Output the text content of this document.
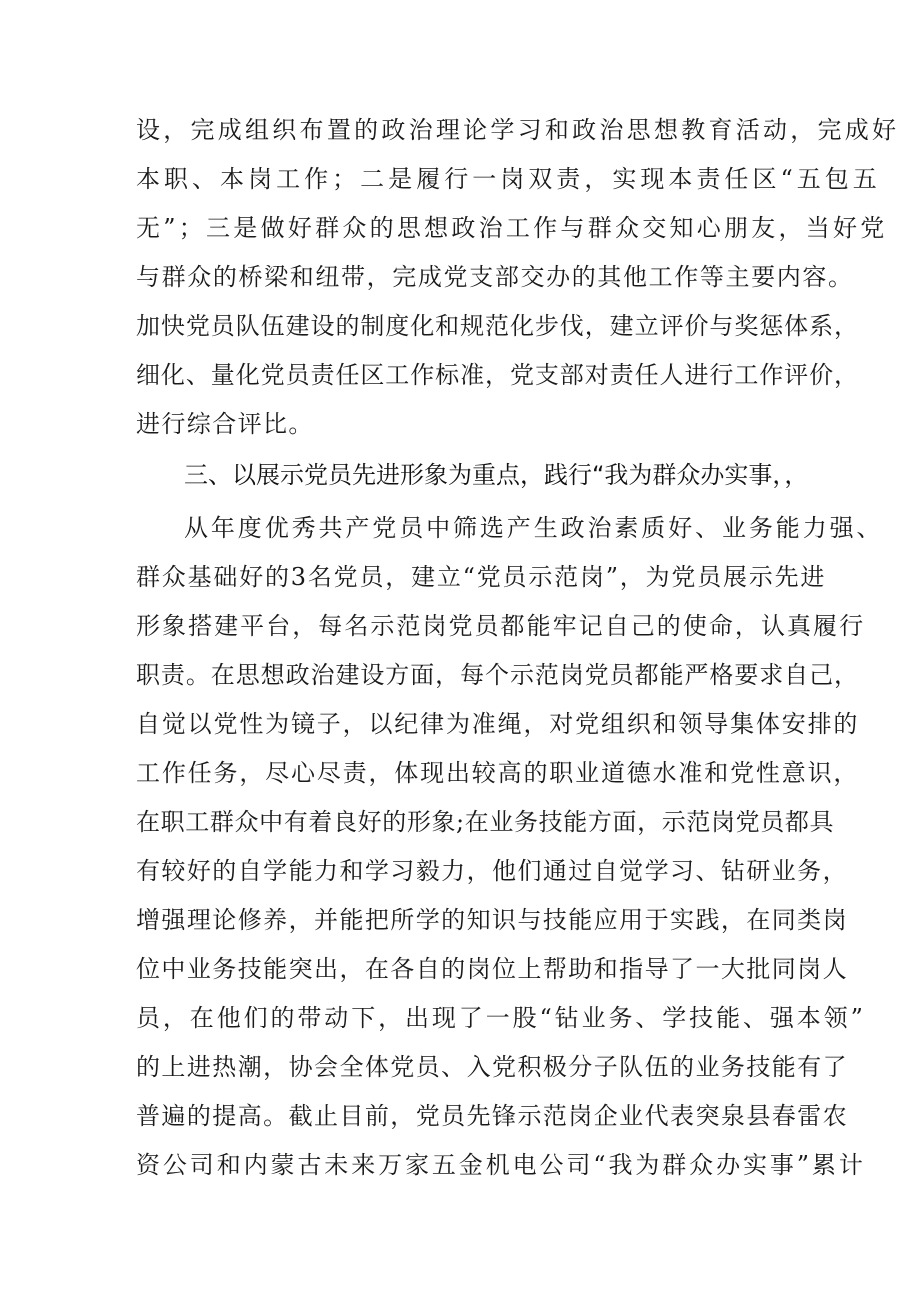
设，完成组织布置的政治理论学习和政治思想教育活动，完成好

本职、本岗工作；二是履行一岗双责，实现本责任区“五包五

无”；三是做好群众的思想政治工作与群众交知心朋友，当好党

与群众的桥梁和纽带，完成党支部交办的其他工作等主要内容。

加快党员队伍建设的制度化和规范化步伐，建立评价与奖惩体系，

细化、量化党员责任区工作标准，党支部对责任人进行工作评价，

进行综合评比。

三、以展示党员先进形象为重点，践行“我为群众办实事，，

从年度优秀共产党员中筛选产生政治素质好、业务能力强、

群众基础好的3名党员，建立“党员示范岗”，为党员展示先进

形象搭建平台，每名示范岗党员都能牢记自己的使命，认真履行

职责。在思想政治建设方面，每个示范岗党员都能严格要求自己，

自觉以党性为镜子，以纪律为准绳，对党组织和领导集体安排的

工作任务，尽心尽责，体现出较高的职业道德水准和党性意识，

在职工群众中有着良好的形象;在业务技能方面，示范岗党员都具

有较好的自学能力和学习毅力，他们通过自觉学习、钻研业务，

增强理论修养，并能把所学的知识与技能应用于实践，在同类岗

位中业务技能突出，在各自的岗位上帮助和指导了一大批同岗人

员，在他们的带动下，出现了一股“钻业务、学技能、强本领”

的上进热潮，协会全体党员、入党积极分子队伍的业务技能有了

普遍的提高。截止目前，党员先锋示范岗企业代表突泉县春雷农

资公司和内蒙古未来万家五金机电公司“我为群众办实事”累计
